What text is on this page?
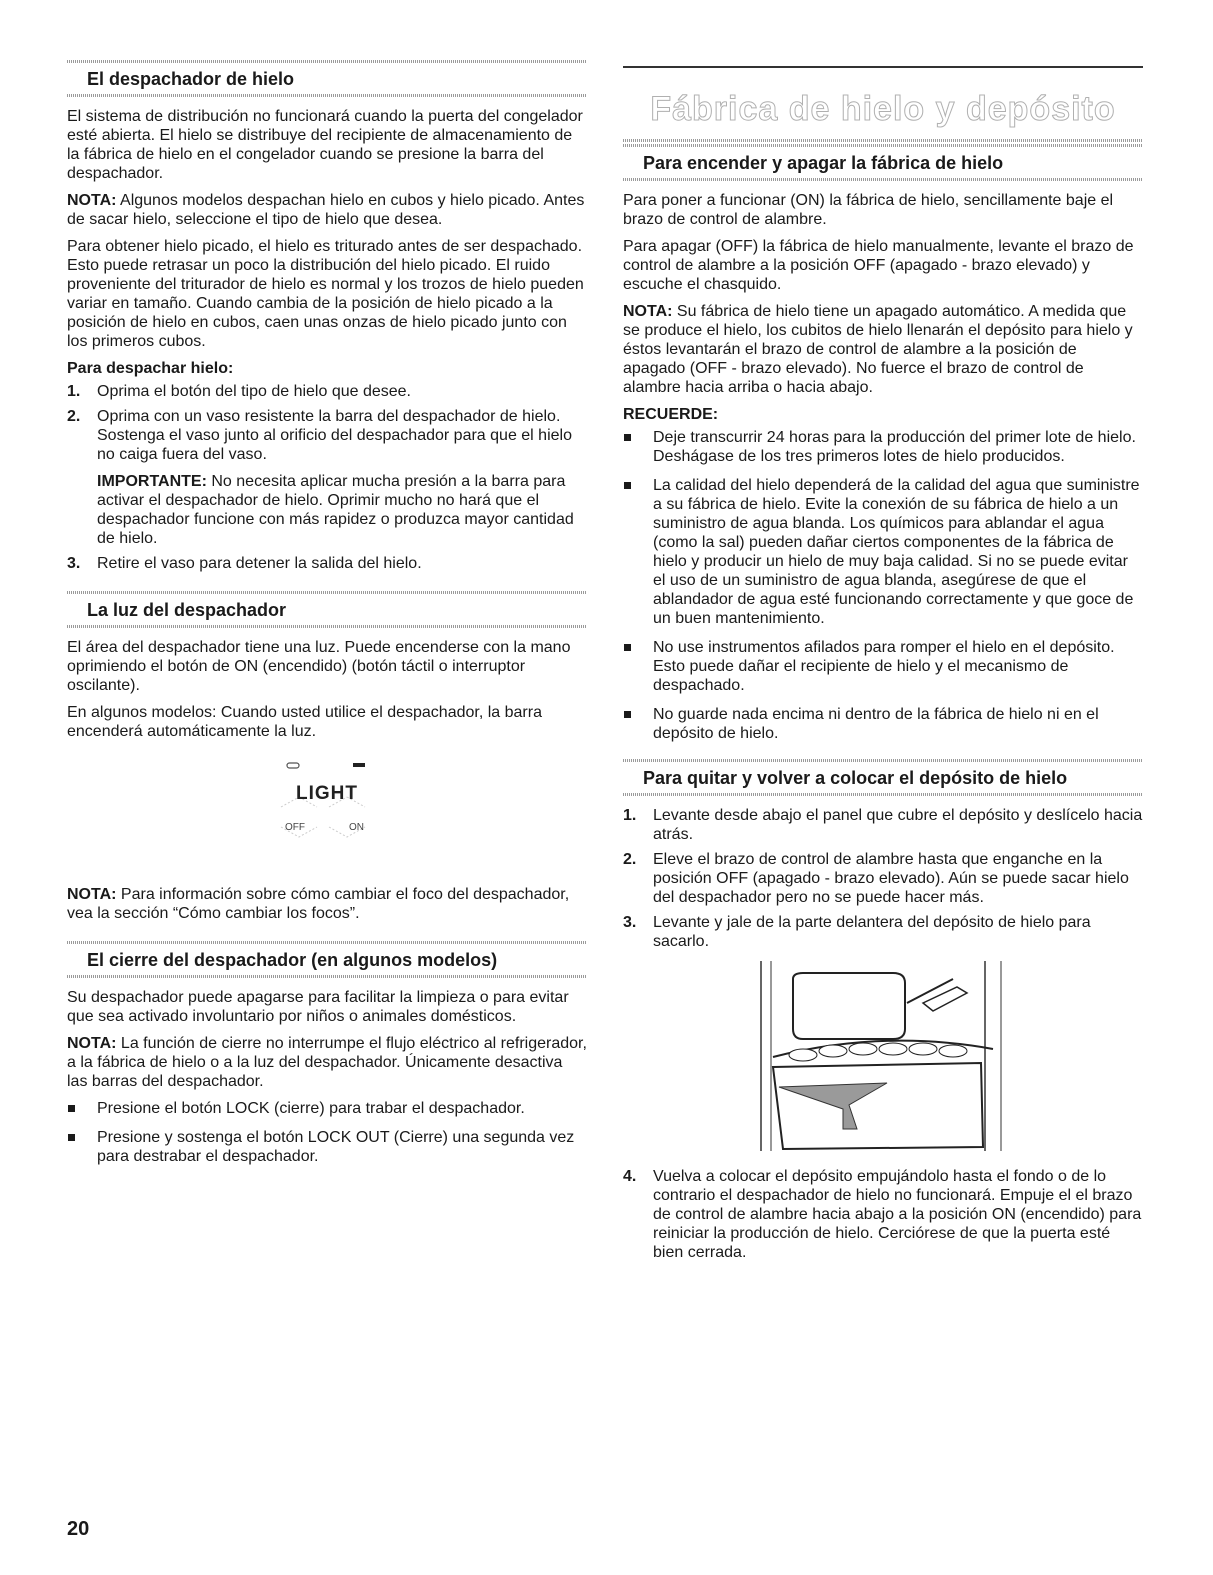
El despachador de hielo

El sistema de distribución no funcionará cuando la puerta del congelador esté abierta. El hielo se distribuye del recipiente de almacenamiento de la fábrica de hielo en el congelador cuando se presione la barra del despachador.

NOTA: Algunos modelos despachan hielo en cubos y hielo picado. Antes de sacar hielo, seleccione el tipo de hielo que desea.

Para obtener hielo picado, el hielo es triturado antes de ser despachado. Esto puede retrasar un poco la distribución del hielo picado. El ruido proveniente del triturador de hielo es normal y los trozos de hielo pueden variar en tamaño. Cuando cambia de la posición de hielo picado a la posición de hielo en cubos, caen unas onzas de hielo picado junto con los primeros cubos.

Para despachar hielo:
1. Oprima el botón del tipo de hielo que desee.
2. Oprima con un vaso resistente la barra del despachador de hielo. Sostenga el vaso junto al orificio del despachador para que el hielo no caiga fuera del vaso.
IMPORTANTE: No necesita aplicar mucha presión a la barra para activar el despachador de hielo. Oprimir mucho no hará que el despachador funcione con más rapidez o produzca mayor cantidad de hielo.
3. Retire el vaso para detener la salida del hielo.
La luz del despachador

El área del despachador tiene una luz. Puede encenderse con la mano oprimiendo el botón de ON (encendido) (botón táctil o interruptor oscilante).

En algunos modelos: Cuando usted utilice el despachador, la barra encenderá automáticamente la luz.

LIGHT
OFF	ON

NOTA: Para información sobre cómo cambiar el foco del despachador, vea la sección “Cómo cambiar los focos”.

El cierre del despachador (en algunos modelos)

Su despachador puede apagarse para facilitar la limpieza o para evitar que sea activado involuntario por niños o animales domésticos.

NOTA: La función de cierre no interrumpe el flujo eléctrico al refrigerador, a la fábrica de hielo o a la luz del despachador. Únicamente desactiva las barras del despachador.

Presione el botón LOCK (cierre) para trabar el despachador.
Presione y sostenga el botón LOCK OUT (Cierre) una segunda vez para destrabar el despachador.
Fábrica de hielo y depósito
Para encender y apagar la fábrica de hielo

Para poner a funcionar (ON) la fábrica de hielo, sencillamente baje el brazo de control de alambre.

Para apagar (OFF) la fábrica de hielo manualmente, levante el brazo de control de alambre a la posición OFF (apagado - brazo elevado) y escuche el chasquido.

NOTA: Su fábrica de hielo tiene un apagado automático. A medida que se produce el hielo, los cubitos de hielo llenarán el depósito para hielo y éstos levantarán el brazo de control de alambre a la posición de apagado (OFF - brazo elevado). No fuerce el brazo de control de alambre hacia arriba o hacia abajo.

RECUERDE:
Deje transcurrir 24 horas para la producción del primer lote de hielo. Deshágase de los tres primeros lotes de hielo producidos.
La calidad del hielo dependerá de la calidad del agua que suministre a su fábrica de hielo. Evite la conexión de su fábrica de hielo a un suministro de agua blanda. Los químicos para ablandar el agua (como la sal) pueden dañar ciertos componentes de la fábrica de hielo y producir un hielo de muy baja calidad. Si no se puede evitar el uso de un suministro de agua blanda, asegúrese de que el ablandador de agua esté funcionando correctamente y que goce de un buen mantenimiento.
No use instrumentos afilados para romper el hielo en el depósito. Esto puede dañar el recipiente de hielo y el mecanismo de despachado.
No guarde nada encima ni dentro de la fábrica de hielo ni en el depósito de hielo.
Para quitar y volver a colocar el depósito de hielo
1. Levante desde abajo el panel que cubre el depósito y deslícelo hacia atrás.
2. Eleve el brazo de control de alambre hasta que enganche en la posición OFF (apagado - brazo elevado). Aún se puede sacar hielo del despachador pero no se puede hacer más.
3. Levante y jale de la parte delantera del depósito de hielo para sacarlo.
4. Vuelva a colocar el depósito empujándolo hasta el fondo o de lo contrario el despachador de hielo no funcionará. Empuje el el brazo de control de alambre hacia abajo a la posición ON (encendido) para reiniciar la producción de hielo. Cerciórese de que la puerta esté bien cerrada.
20
